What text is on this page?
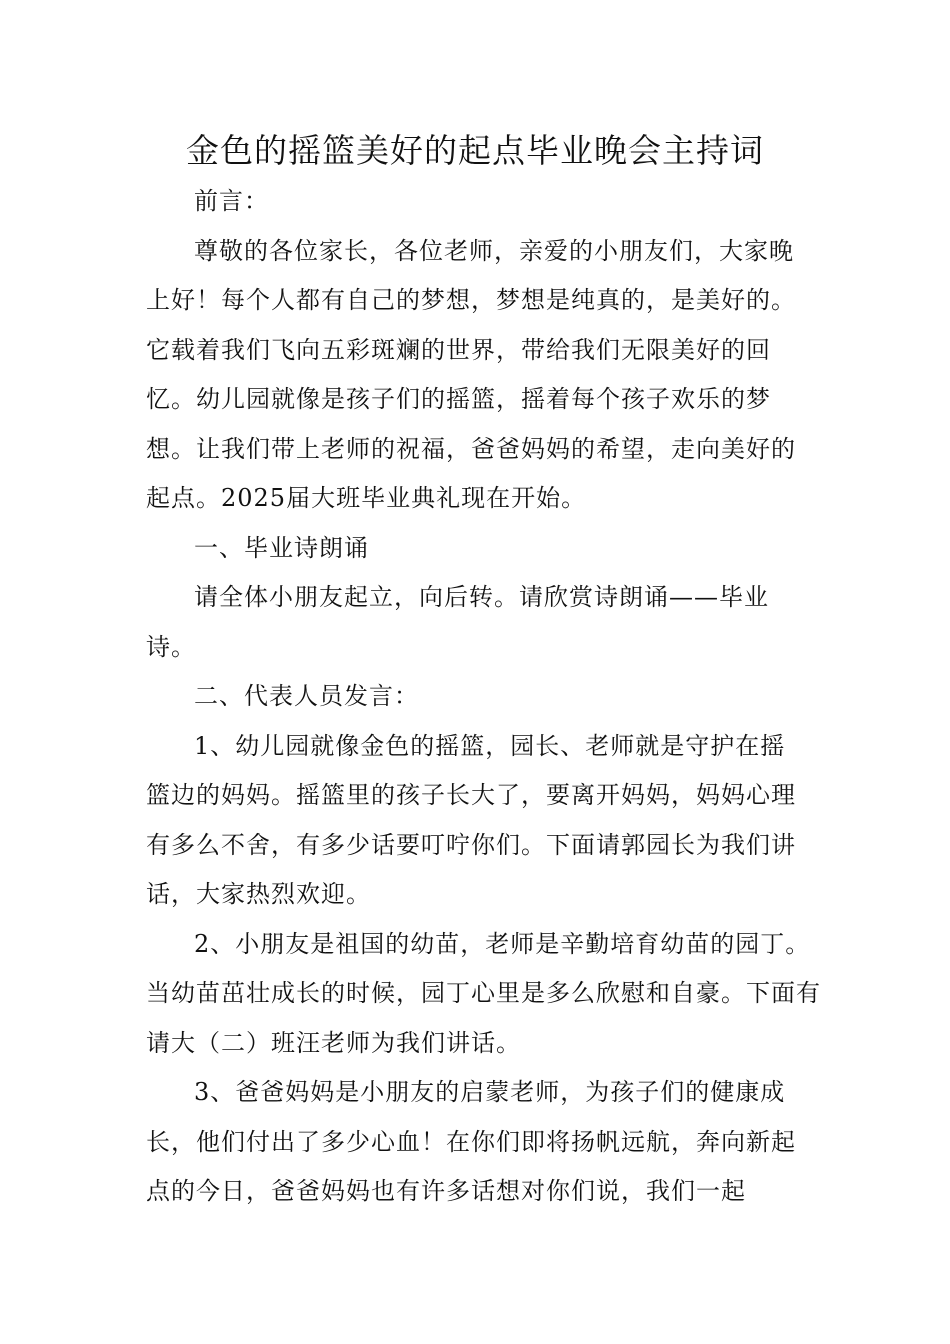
金色的摇篮美好的起点毕业晚会主持词

前言：

尊敬的各位家长，各位老师，亲爱的小朋友们，大家晚上好！每个人都有自己的梦想，梦想是纯真的，是美好的。它载着我们飞向五彩斑斓的世界，带给我们无限美好的回忆。幼儿园就像是孩子们的摇篮，摇着每个孩子欢乐的梦想。让我们带上老师的祝福，爸爸妈妈的希望，走向美好的起点。2025届大班毕业典礼现在开始。

一、毕业诗朗诵

请全体小朋友起立，向后转。请欣赏诗朗诵——毕业诗。

二、代表人员发言：

1、幼儿园就像金色的摇篮，园长、老师就是守护在摇篮边的妈妈。摇篮里的孩子长大了，要离开妈妈，妈妈心理有多么不舍，有多少话要叮咛你们。下面请郭园长为我们讲话，大家热烈欢迎。

2、小朋友是祖国的幼苗，老师是辛勤培育幼苗的园丁。当幼苗茁壮成长的时候，园丁心里是多么欣慰和自豪。下面有请大（二）班汪老师为我们讲话。

3、爸爸妈妈是小朋友的启蒙老师，为孩子们的健康成长，他们付出了多少心血！在你们即将扬帆远航，奔向新起点的今日，爸爸妈妈也有许多话想对你们说，我们一起
